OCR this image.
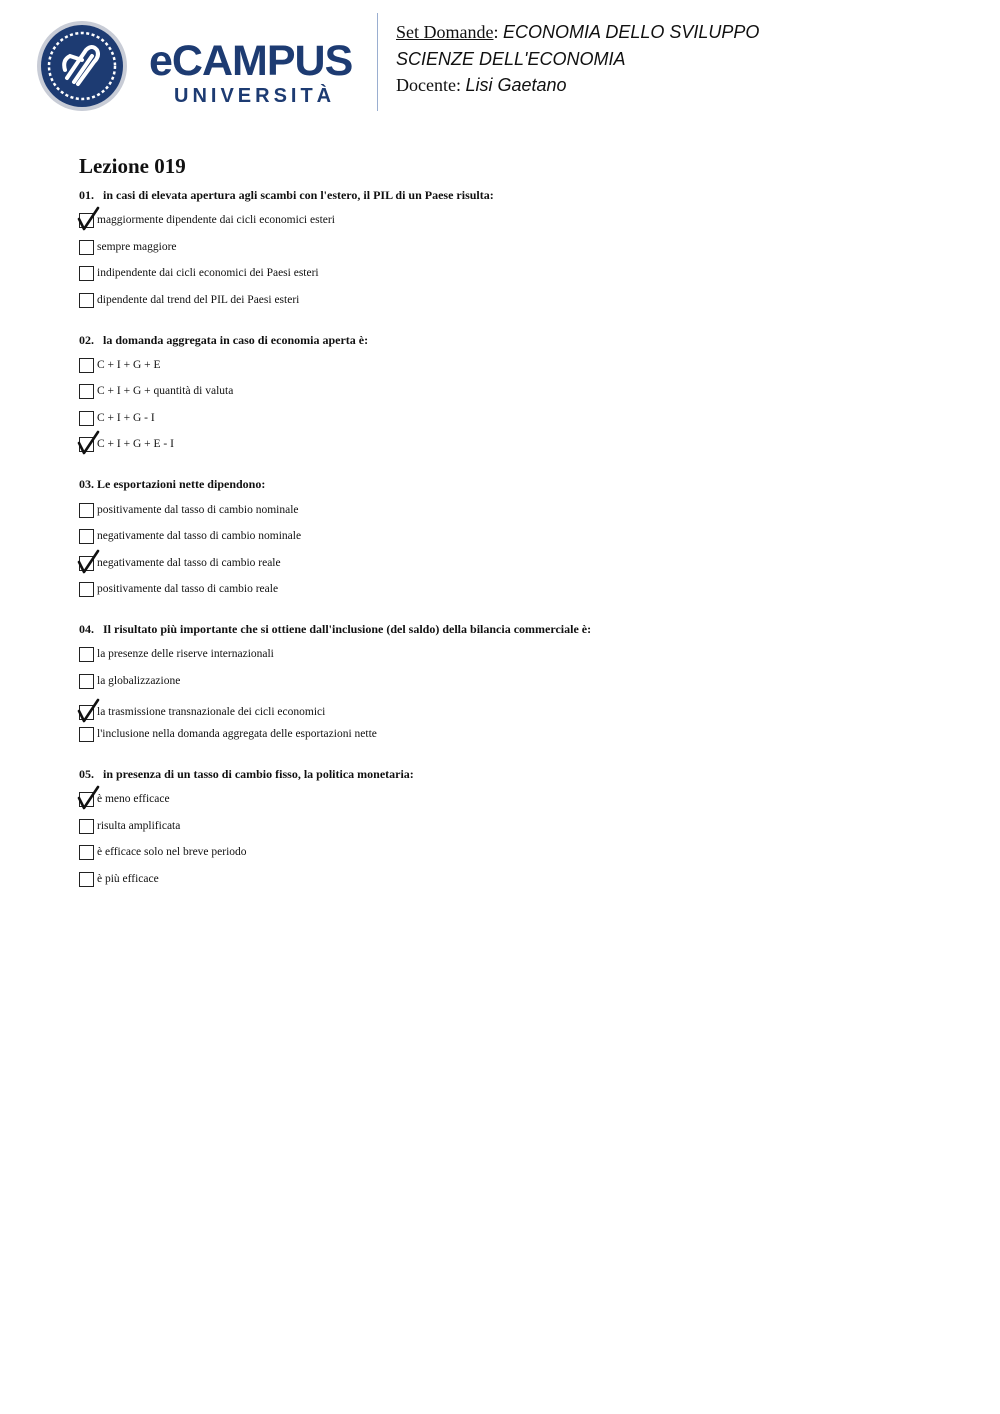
eCAMPUS
UNIVERSITÀ
Set Domande: ECONOMIA DELLO SVILUPPO
SCIENZE DELL'ECONOMIA
Docente: Lisi Gaetano
Lezione 019
01. in casi di elevata apertura agli scambi con l'estero, il PIL di un Paese risulta:
maggiormente dipendente dai cicli economici esteri
sempre maggiore
indipendente dai cicli economici dei Paesi esteri
dipendente dal trend del PIL dei Paesi esteri
02. la domanda aggregata in caso di economia aperta è:
C + I + G + E
C + I + G + quantità di valuta
C + I + G - I
C + I + G + E - I
03. Le esportazioni nette dipendono:
positivamente dal tasso di cambio nominale
negativamente dal tasso di cambio nominale
negativamente dal tasso di cambio reale
positivamente dal tasso di cambio reale
04. Il risultato più importante che si ottiene dall'inclusione (del saldo) della bilancia commerciale è:
la presenze delle riserve internazionali
la globalizzazione
la trasmissione transnazionale dei cicli economici
l'inclusione nella domanda aggregata delle esportazioni nette
05. in presenza di un tasso di cambio fisso, la politica monetaria:
è meno efficace
risulta amplificata
è efficace solo nel breve periodo
è più efficace
